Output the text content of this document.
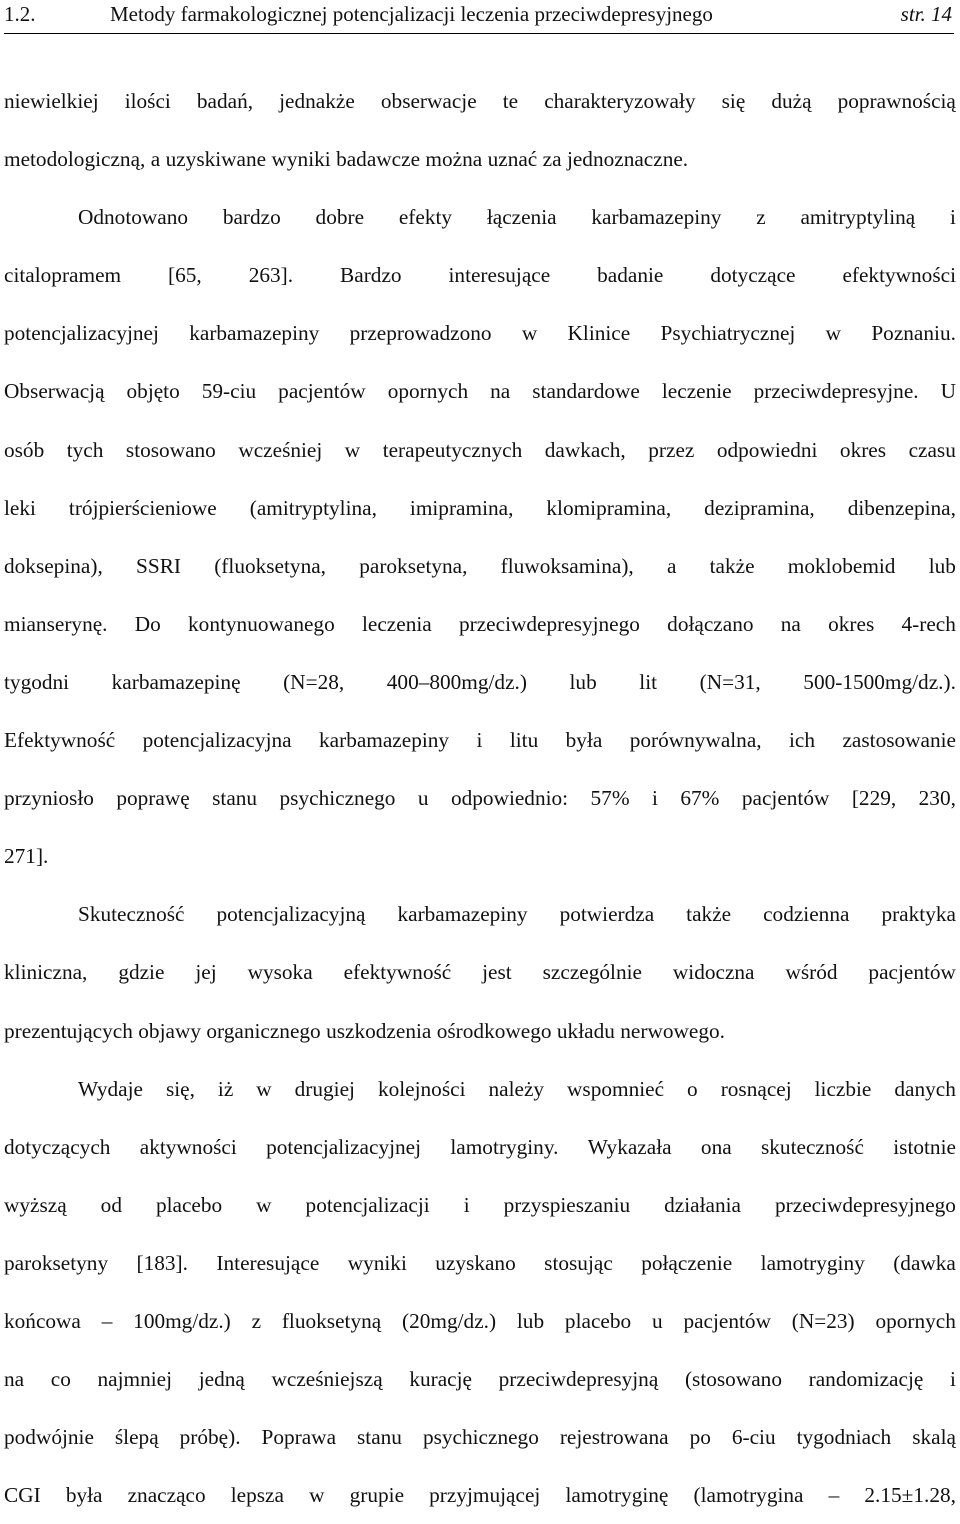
1.2.	Metody farmakologicznej potencjalizacji leczenia przeciwdepresyjnego	str. 14
niewielkiej ilości badań, jednakże obserwacje te charakteryzowały się dużą poprawnością
metodologiczną, a uzyskiwane wyniki badawcze można uznać za jednoznaczne.
Odnotowano bardzo dobre efekty łączenia karbamazepiny z amitryptyliną i
citalopramem [65, 263]. Bardzo interesujące badanie dotyczące efektywności
potencjalizacyjnej karbamazepiny przeprowadzono w Klinice Psychiatrycznej w Poznaniu.
Obserwacją objęto 59-ciu pacjentów opornych na standardowe leczenie przeciwdepresyjne. U
osób tych stosowano wcześniej w terapeutycznych dawkach, przez odpowiedni okres czasu
leki trójpierścieniowe (amitryptylina, imipramina, klomipramina, dezipramina, dibenzepina,
doksepina), SSRI (fluoksetyna, paroksetyna, fluwoksamina), a także moklobemid lub
mianserynę. Do kontynuowanego leczenia przeciwdepresyjnego dołączano na okres 4-rech
tygodni karbamazepinę (N=28, 400–800mg/dz.) lub lit (N=31, 500-1500mg/dz.).
Efektywność potencjalizacyjna karbamazepiny i litu była porównywalna, ich zastosowanie
przyniosło poprawę stanu psychicznego u odpowiednio: 57% i 67% pacjentów [229, 230,
271].
Skuteczność potencjalizacyjną karbamazepiny potwierdza także codzienna praktyka
kliniczna, gdzie jej wysoka efektywność jest szczególnie widoczna wśród pacjentów
prezentujących objawy organicznego uszkodzenia ośrodkowego układu nerwowego.
Wydaje się, iż w drugiej kolejności należy wspomnieć o rosnącej liczbie danych
dotyczących aktywności potencjalizacyjnej lamotryginy. Wykazała ona skuteczność istotnie
wyższą od placebo w potencjalizacji i przyspieszaniu działania przeciwdepresyjnego
paroksetyny [183]. Interesujące wyniki uzyskano stosując połączenie lamotryginy (dawka
końcowa – 100mg/dz.) z fluoksetyną (20mg/dz.) lub placebo u pacjentów (N=23) opornych
na co najmniej jedną wcześniejszą kurację przeciwdepresyjną (stosowano randomizację i
podwójnie ślepą próbę). Poprawa stanu psychicznego rejestrowana po 6-ciu tygodniach skalą
CGI była znacząco lepsza w grupie przyjmującej lamotryginę (lamotrygina – 2.15±1.28,
